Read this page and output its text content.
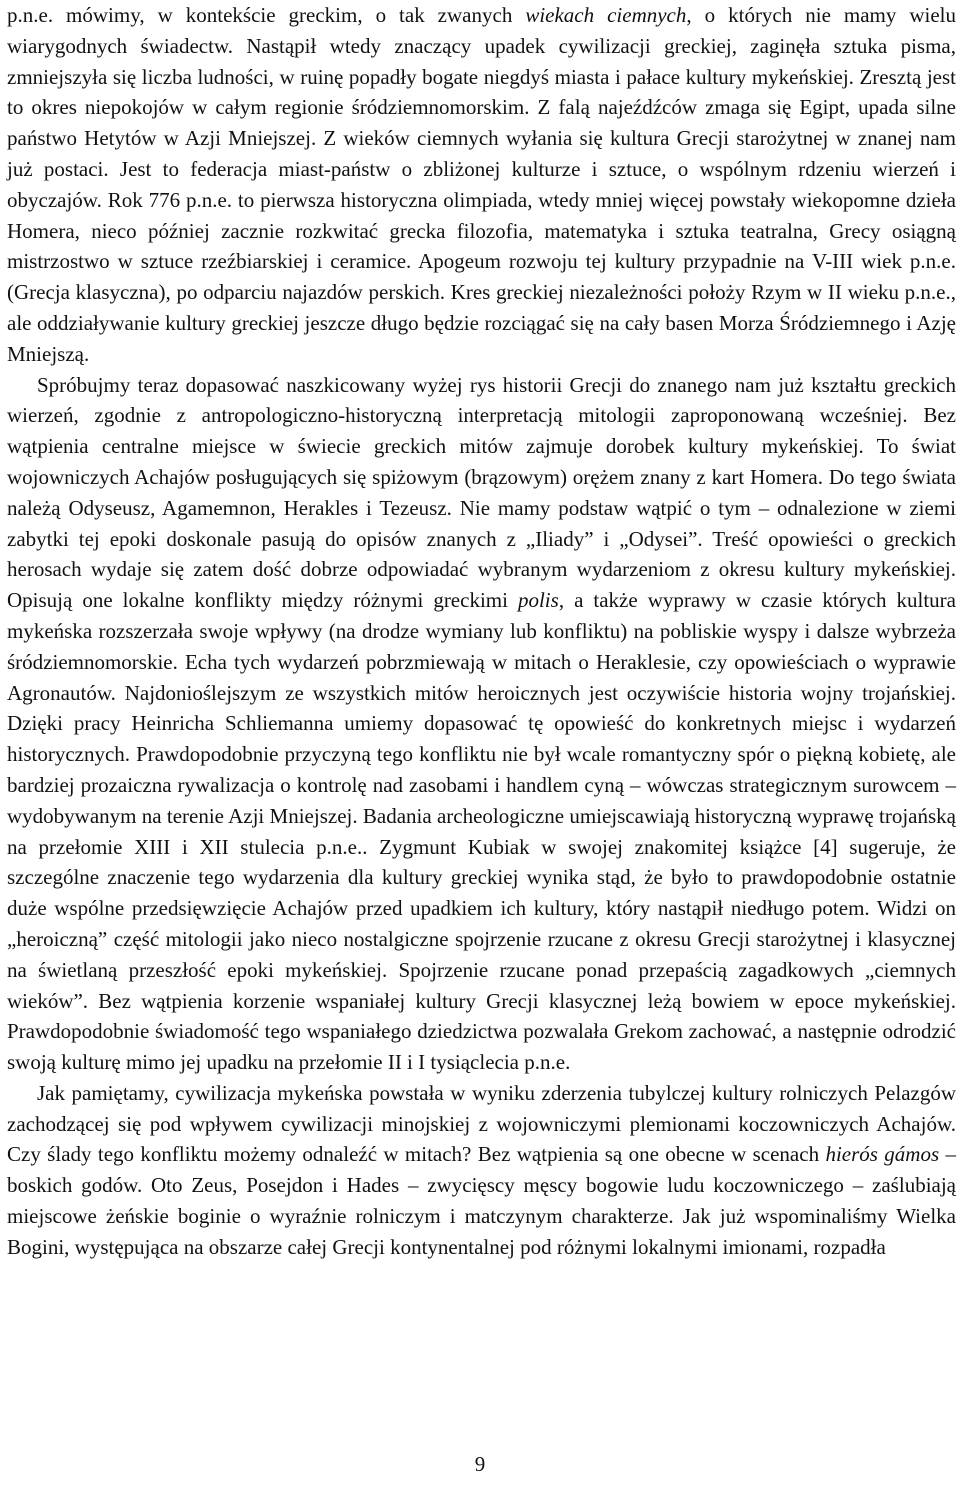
p.n.e. mówimy, w kontekście greckim, o tak zwanych wiekach ciemnych, o których nie mamy wielu wiarygodnych świadectw. Nastąpił wtedy znaczący upadek cywilizacji greckiej, zaginęła sztuka pisma, zmniejszyła się liczba ludności, w ruinę popadły bogate niegdyś miasta i pałace kultury mykeńskiej. Zresztą jest to okres niepokojów w całym regionie śródziemnomorskim. Z falą najeźdźców zmaga się Egipt, upada silne państwo Hetytów w Azji Mniejszej. Z wieków ciemnych wyłania się kultura Grecji starożytnej w znanej nam już postaci. Jest to federacja miast-państw o zbliżonej kulturze i sztuce, o wspólnym rdzeniu wierzeń i obyczajów. Rok 776 p.n.e. to pierwsza historyczna olimpiada, wtedy mniej więcej powstały wiekopomne dzieła Homera, nieco później zacznie rozkwitać grecka filozofia, matematyka i sztuka teatralna, Grecy osiągną mistrzostwo w sztuce rzeźbiarskiej i ceramice. Apogeum rozwoju tej kultury przypadnie na V-III wiek p.n.e. (Grecja klasyczna), po odparciu najazdów perskich. Kres greckiej niezależności położy Rzym w II wieku p.n.e., ale oddziaływanie kultury greckiej jeszcze długo będzie rozciągać się na cały basen Morza Śródziemnego i Azję Mniejszą.

Spróbujmy teraz dopasować naszkicowany wyżej rys historii Grecji do znanego nam już kształtu greckich wierzeń, zgodnie z antropologiczno-historyczną interpretacją mitologii zaproponowaną wcześniej. Bez wątpienia centralne miejsce w świecie greckich mitów zajmuje dorobek kultury mykeńskiej. To świat wojowniczych Achajów posługujących się spiżowym (brązowym) orężem znany z kart Homera. Do tego świata należą Odyseusz, Agamemnon, Herakles i Tezeusz. Nie mamy podstaw wątpić o tym – odnalezione w ziemi zabytki tej epoki doskonale pasują do opisów znanych z „Iliady” i „Odysei”. Treść opowieści o greckich herosach wydaje się zatem dość dobrze odpowiadać wybranym wydarzeniom z okresu kultury mykeńskiej. Opisują one lokalne konflikty między różnymi greckimi polis, a także wyprawy w czasie których kultura mykeńska rozszerzała swoje wpływy (na drodze wymiany lub konfliktu) na pobliskie wyspy i dalsze wybrzeża śródziemnomorskie. Echa tych wydarzeń pobrzmiewają w mitach o Heraklesie, czy opowieściach o wyprawie Agronautów. Najdonioślejszym ze wszystkich mitów heroicznych jest oczywiście historia wojny trojańskiej. Dzięki pracy Heinricha Schliemanna umiemy dopasować tę opowieść do konkretnych miejsc i wydarzeń historycznych. Prawdopodobnie przyczyną tego konfliktu nie był wcale romantyczny spór o piękną kobietę, ale bardziej prozaiczna rywalizacja o kontrolę nad zasobami i handlem cyną – wówczas strategicznym surowcem – wydobywanym na terenie Azji Mniejszej. Badania archeologiczne umiejscawiają historyczną wyprawę trojańską na przełomie XIII i XII stulecia p.n.e.. Zygmunt Kubiak w swojej znakomitej książce [4] sugeruje, że szczególne znaczenie tego wydarzenia dla kultury greckiej wynika stąd, że było to prawdopodobnie ostatnie duże wspólne przedsięwzięcie Achajów przed upadkiem ich kultury, który nastąpił niedługo potem. Widzi on „heroiczną” część mitologii jako nieco nostalgiczne spojrzenie rzucane z okresu Grecji starożytnej i klasycznej na świetlaną przeszłość epoki mykeńskiej. Spojrzenie rzucane ponad przepaścią zagadkowych „ciemnych wieków”. Bez wątpienia korzenie wspaniałej kultury Grecji klasycznej leżą bowiem w epoce mykeńskiej. Prawdopodobnie świadomość tego wspaniałego dziedzictwa pozwalała Grekom zachować, a następnie odrodzić swoją kulturę mimo jej upadku na przełomie II i I tysiąclecia p.n.e.

Jak pamiętamy, cywilizacja mykeńska powstała w wyniku zderzenia tubylczej kultury rolniczych Pelazgów zachodzącej się pod wpływem cywilizacji minojskiej z wojowniczymi plemionami koczowniczych Achajów. Czy ślady tego konfliktu możemy odnaleźć w mitach? Bez wątpienia są one obecne w scenach hierós gámos – boskich godów. Oto Zeus, Posejdon i Hades – zwycięscy męscy bogowie ludu koczowniczego – zaślubiają miejscowe żeńskie boginie o wyraźnie rolniczym i matczynym charakterze. Jak już wspominaliśmy Wielka Bogini, występująca na obszarze całej Grecji kontynentalnej pod różnymi lokalnymi imionami, rozpadła

9
